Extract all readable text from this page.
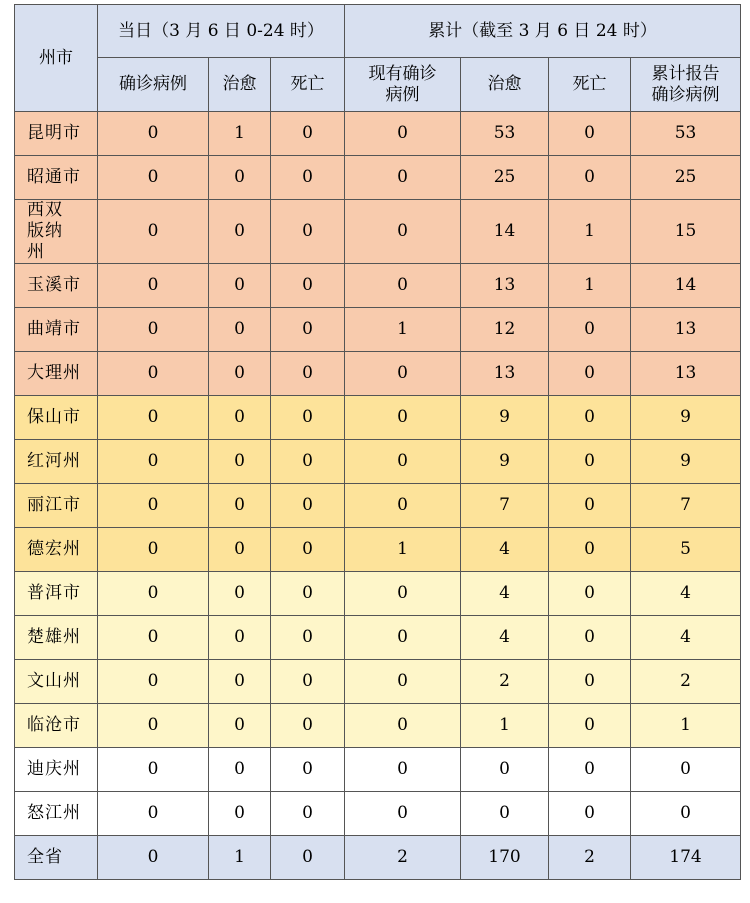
州市	当日（3 月 6 日 0-24 时）			累计（截至 3 月 6 日 24 时）			
	确诊病例	治愈	死亡	现有确诊病例	治愈	死亡	累计报告确诊病例
昆明市	0	1	0	0	53	0	53
昭通市	0	0	0	0	25	0	25
西双版纳州	0	0	0	0	14	1	15
玉溪市	0	0	0	0	13	1	14
曲靖市	0	0	0	1	12	0	13
大理州	0	0	0	0	13	0	13
保山市	0	0	0	0	9	0	9
红河州	0	0	0	0	9	0	9
丽江市	0	0	0	0	7	0	7
德宏州	0	0	0	1	4	0	5
普洱市	0	0	0	0	4	0	4
楚雄州	0	0	0	0	4	0	4
文山州	0	0	0	0	2	0	2
临沧市	0	0	0	0	1	0	1
迪庆州	0	0	0	0	0	0	0
怒江州	0	0	0	0	0	0	0
全省	0	1	0	2	170	2	174
